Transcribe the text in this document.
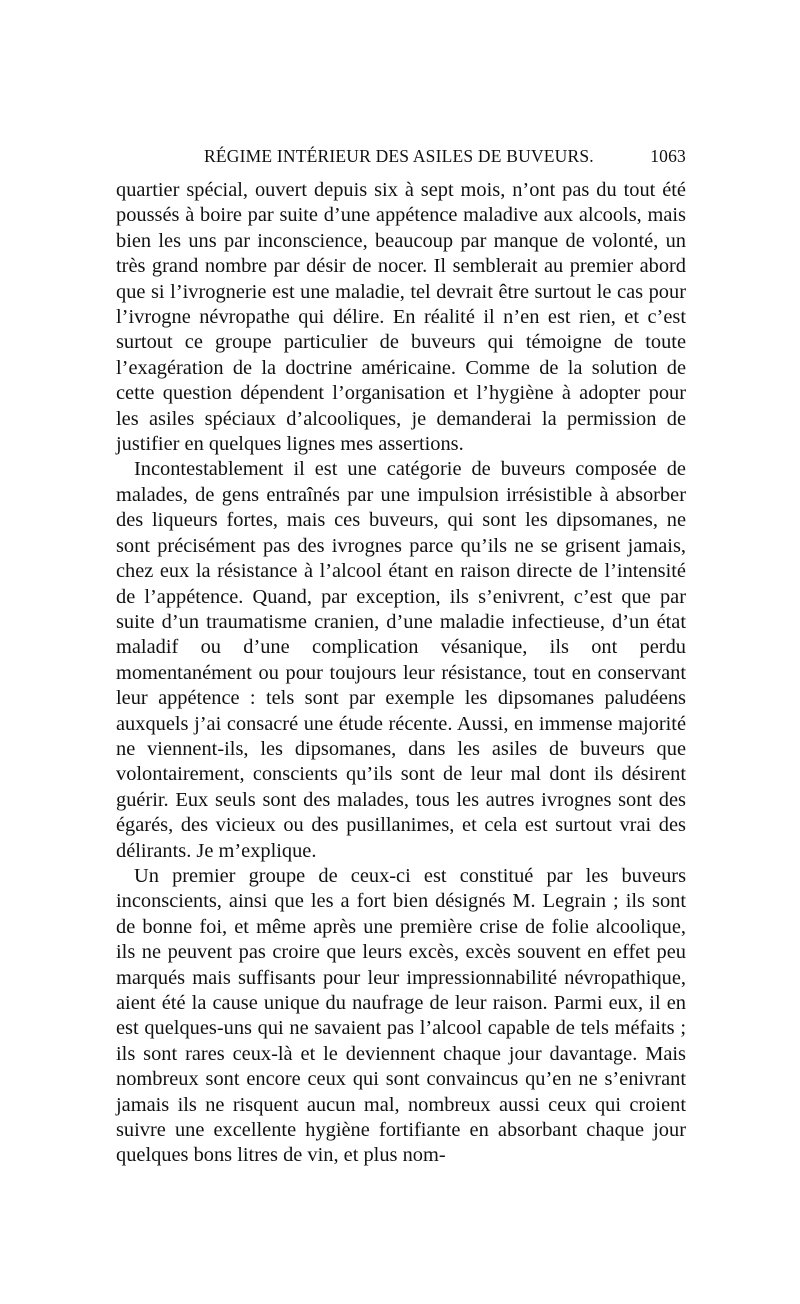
RÉGIME INTÉRIEUR DES ASILES DE BUVEURS.	1063

quartier spécial, ouvert depuis six à sept mois, n’ont pas du tout été poussés à boire par suite d’une appétence maladive aux alcools, mais bien les uns par inconscience, beaucoup par manque de volonté, un très grand nombre par désir de nocer. Il semblerait au premier abord que si l’ivrognerie est une maladie, tel devrait être surtout le cas pour l’ivrogne névropathe qui délire. En réalité il n’en est rien, et c’est surtout ce groupe particulier de buveurs qui témoigne de toute l’exagération de la doctrine américaine. Comme de la solution de cette question dépendent l’organisation et l’hygiène à adopter pour les asiles spéciaux d’alcooliques, je demanderai la permission de justifier en quelques lignes mes assertions.

Incontestablement il est une catégorie de buveurs composée de malades, de gens entraînés par une impulsion irrésistible à absorber des liqueurs fortes, mais ces buveurs, qui sont les dipsomanes, ne sont précisément pas des ivrognes parce qu’ils ne se grisent jamais, chez eux la résistance à l’alcool étant en raison directe de l’intensité de l’appétence. Quand, par exception, ils s’enivrent, c’est que par suite d’un traumatisme cranien, d’une maladie infectieuse, d’un état maladif ou d’une complication vésanique, ils ont perdu momentanément ou pour toujours leur résistance, tout en conservant leur appétence : tels sont par exemple les dipsomanes paludéens auxquels j’ai consacré une étude récente. Aussi, en immense majorité ne viennent-ils, les dipsomanes, dans les asiles de buveurs que volontairement, conscients qu’ils sont de leur mal dont ils désirent guérir. Eux seuls sont des malades, tous les autres ivrognes sont des égarés, des vicieux ou des pusillanimes, et cela est surtout vrai des délirants. Je m’explique.

Un premier groupe de ceux-ci est constitué par les buveurs inconscients, ainsi que les a fort bien désignés M. Legrain ; ils sont de bonne foi, et même après une première crise de folie alcoolique, ils ne peuvent pas croire que leurs excès, excès souvent en effet peu marqués mais suffisants pour leur impressionnabilité névropathique, aient été la cause unique du naufrage de leur raison. Parmi eux, il en est quelques-uns qui ne savaient pas l’alcool capable de tels méfaits ; ils sont rares ceux-là et le deviennent chaque jour davantage. Mais nombreux sont encore ceux qui sont convaincus qu’en ne s’enivrant jamais ils ne risquent aucun mal, nombreux aussi ceux qui croient suivre une excellente hygiène fortifiante en absorbant chaque jour quelques bons litres de vin, et plus nom-
